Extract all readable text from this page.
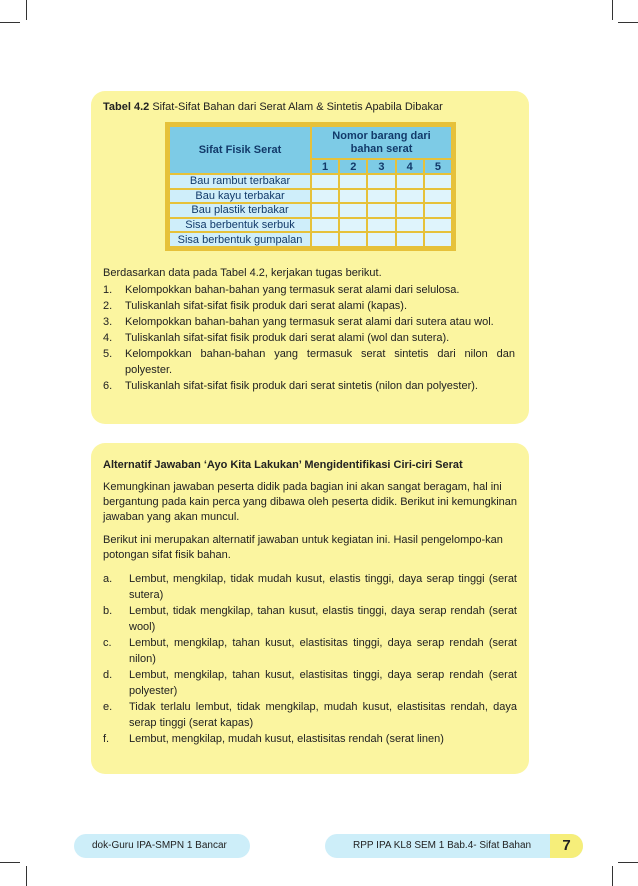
Tabel 4.2 Sifat-Sifat Bahan dari Serat Alam & Sintetis Apabila Dibakar

Sifat Fisik Serat	Nomor barang dari bahan serat				
	1	2	3	4	5
Bau rambut terbakar					
Bau kayu terbakar					
Bau plastik terbakar					
Sisa berbentuk serbuk					
Sisa berbentuk gumpalan					

Berdasarkan data pada Tabel 4.2, kerjakan tugas berikut.

1. Kelompokkan bahan-bahan yang termasuk serat alami dari selulosa.
2. Tuliskanlah sifat-sifat fisik produk dari serat alami (kapas).
3. Kelompokkan bahan-bahan yang termasuk serat alami dari sutera atau wol.
4. Tuliskanlah sifat-sifat fisik produk dari serat alami (wol dan sutera).
5. Kelompokkan bahan-bahan yang termasuk serat sintetis dari nilon dan polyester.
6. Tuliskanlah sifat-sifat fisik produk dari serat sintetis (nilon dan polyester).

Alternatif Jawaban ‘Ayo Kita Lakukan’ Mengidentifikasi Ciri-ciri Serat

Kemungkinan jawaban peserta didik pada bagian ini akan sangat beragam, hal ini bergantung pada kain perca yang dibawa oleh peserta didik. Berikut ini kemungkinan jawaban yang akan muncul.

Berikut ini merupakan alternatif jawaban untuk kegiatan ini. Hasil pengelompo-kan potongan sifat fisik bahan.

a. Lembut, mengkilap, tidak mudah kusut, elastis tinggi, daya serap tinggi (serat sutera)
b. Lembut, tidak mengkilap, tahan kusut, elastis tinggi, daya serap rendah (serat wool)
c. Lembut, mengkilap, tahan kusut, elastisitas tinggi, daya serap rendah (serat nilon)
d. Lembut, mengkilap, tahan kusut, elastisitas tinggi, daya serap rendah (serat polyester)
e. Tidak terlalu lembut, tidak mengkilap, mudah kusut, elastisitas rendah, daya serap tinggi (serat kapas)
f. Lembut, mengkilap, mudah kusut, elastisitas rendah (serat linen)
dok-Guru IPA-SMPN 1 Bancar	RPP IPA KL8 SEM 1 Bab.4- Sifat Bahan	7
